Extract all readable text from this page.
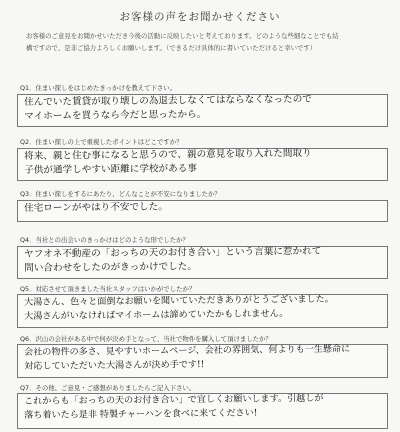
お客様の声をお聞かせください
お客様のご意見をお聞かせいただき今後の活動に反映したいと考えております。どのような些細なことでも結
構ですので、是非ご協力よろしくお願いします。（できるだけ具体的に書いていただけると幸いです）
Q1．住まい探しをはじめたきっかけを教えて下さい。
住んでいた賃貸が取り壊しの為退去しなくてはならなくなったので
マイホームを買うなら今だと思ったから。
Q2．住まい探しの上で重視したポイントはどこですか？
将来、親と住む事になると思うので、親の意見を取り入れた間取り
子供が通学しやすい距離に学校がある事
Q3．住まい探しをするにあたり、どんなことが不安になりましたか？
住宅ローンがやはり不安でした。
Q4．当社との出会いのきっかけはどのような形でしたか？
ヤフオネ不動産の「おっちの天のお付き合い」という言葉に惹かれて
問い合わせをしたのがきっかけでした。
Q5．対応させて頂きました当社スタッフはいかがでしたか？
大湯さん、色々と面倒なお願いを聞いていただきありがとうございました。
大湯さんがいなければマイホームは諦めていたかもしれません。
Q6．沢山の会社がある中で何が決め手となって、当社で物件を購入して頂けましたか？
会社の物件の多さ、見やすいホームページ、会社の雰囲気、何よりも一生懸命に
対応していただいた大湯さんが決め手です!!
Q7．その他、ご意見・ご感想がありましたらご記入下さい。
これからも「おっちの天のお付き合い」で宜しくお願いします。引越しが
落ち着いたら是非 特製チャーハンを食べに来てください!
